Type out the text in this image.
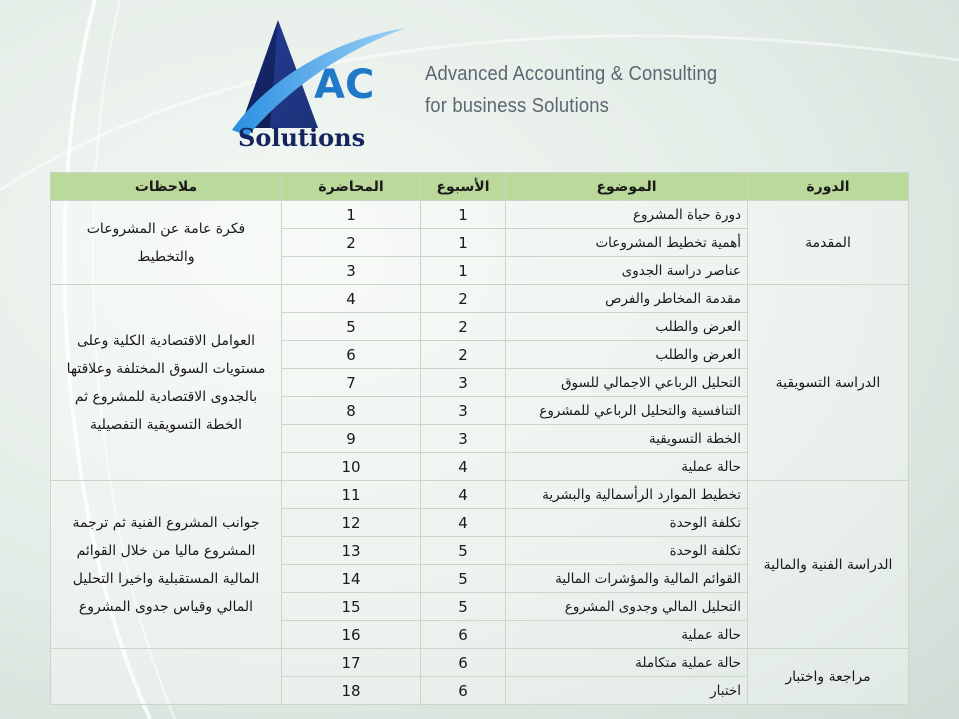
AC
Solutions
Advanced Accounting & Consulting
for business Solutions
ملاحظات	المحاضرة	الأسبوع	الموضوع	الدورة
فكرة عامة عن المشروعات والتخطيط	1	1	دورة حياة المشروع	المقدمة
	2	1	أهمية تخطيط المشروعات	
	3	1	عناصر دراسة الجدوى	
العوامل الاقتصادية الكلية وعلى مستويات السوق المختلفة وعلاقتها بالجدوى الاقتصادية للمشروع ثم الخطة التسويقية التفصيلية	4	2	مقدمة المخاطر والفرص	الدراسة التسويقية
	5	2	العرض والطلب	
	6	2	العرض والطلب	
	7	3	التحليل الرباعي الاجمالي للسوق	
	8	3	التنافسية والتحليل الرباعي للمشروع	
	9	3	الخطة التسويقية	
	10	4	حالة عملية	
جوانب المشروع الفنية ثم ترجمة المشروع ماليا من خلال القوائم المالية المستقبلية واخيرا التحليل المالي وقياس جدوى المشروع	11	4	تخطيط الموارد الرأسمالية والبشرية	الدراسة الفنية والمالية
	12	4	تكلفة الوحدة	
	13	5	تكلفة الوحدة	
	14	5	القوائم المالية والمؤشرات المالية	
	15	5	التحليل المالي وجدوى المشروع	
	16	6	حالة عملية	
	17	6	حالة عملية متكاملة	مراجعة واختبار
	18	6	اختبار	
